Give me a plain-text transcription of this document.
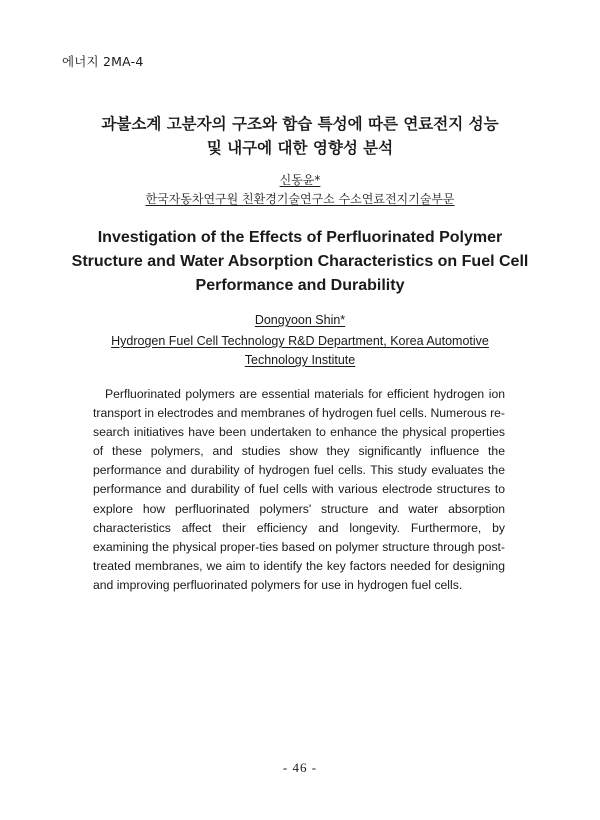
에너지 2MA-4
과불소계 고분자의 구조와 함습 특성에 따른 연료전지 성능
및 내구에 대한 영향성 분석
신동윤*
한국자동차연구원 친환경기술연구소 수소연료전지기술부문
Investigation of the Effects of Perfluorinated Polymer
Structure and Water Absorption Characteristics on Fuel Cell
Performance and Durability
Dongyoon Shin*
Hydrogen Fuel Cell Technology R&D Department, Korea Automotive
Technology Institute

Perfluorinated polymers are essential materials for efficient hydrogen ion transport in electrodes and membranes of hydrogen fuel cells. Numerous re-search initiatives have been undertaken to enhance the physical properties of these polymers, and studies show they significantly influence the performance and durability of hydrogen fuel cells. This study evaluates the performance and durability of fuel cells with various electrode structures to explore how perfluorinated polymers' structure and water absorption characteristics affect their efficiency and longevity. Furthermore, by examining the physical proper-ties based on polymer structure through post-treated membranes, we aim to identify the key factors needed for designing and improving perfluorinated polymers for use in hydrogen fuel cells.

- 46 -
